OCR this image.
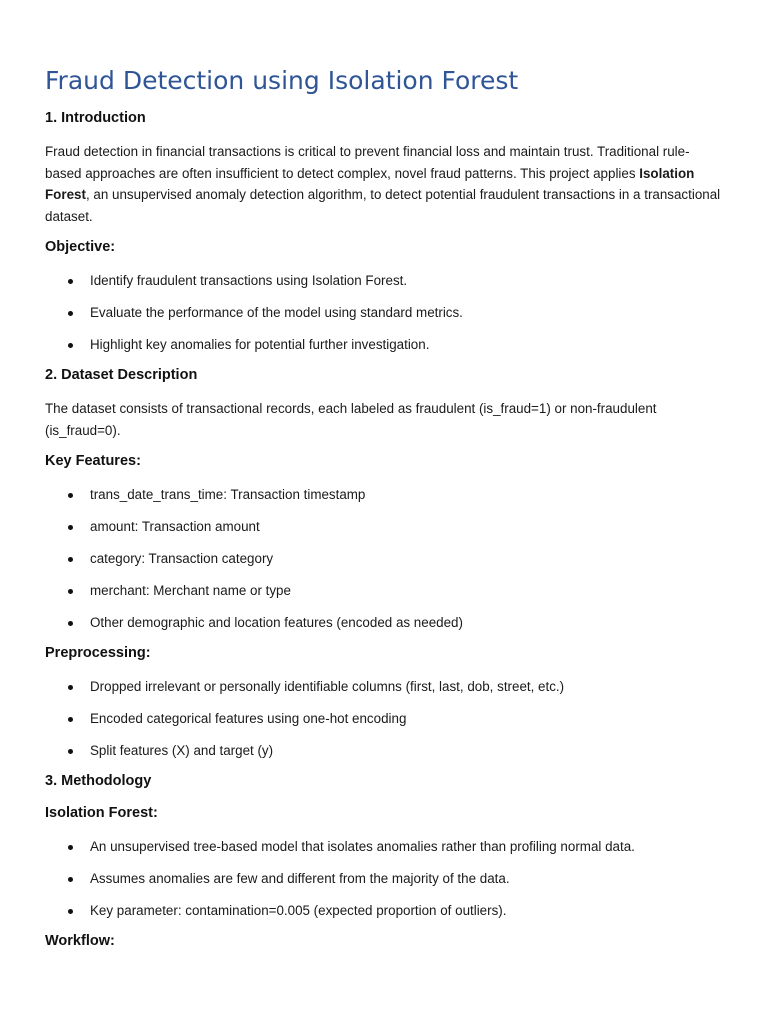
Fraud Detection using Isolation Forest
1. Introduction
Fraud detection in financial transactions is critical to prevent financial loss and maintain trust. Traditional rule-based approaches are often insufficient to detect complex, novel fraud patterns. This project applies Isolation Forest, an unsupervised anomaly detection algorithm, to detect potential fraudulent transactions in a transactional dataset.
Objective:
Identify fraudulent transactions using Isolation Forest.
Evaluate the performance of the model using standard metrics.
Highlight key anomalies for potential further investigation.
2. Dataset Description
The dataset consists of transactional records, each labeled as fraudulent (is_fraud=1) or non-fraudulent (is_fraud=0).
Key Features:
trans_date_trans_time: Transaction timestamp
amount: Transaction amount
category: Transaction category
merchant: Merchant name or type
Other demographic and location features (encoded as needed)
Preprocessing:
Dropped irrelevant or personally identifiable columns (first, last, dob, street, etc.)
Encoded categorical features using one-hot encoding
Split features (X) and target (y)
3. Methodology
Isolation Forest:
An unsupervised tree-based model that isolates anomalies rather than profiling normal data.
Assumes anomalies are few and different from the majority of the data.
Key parameter: contamination=0.005 (expected proportion of outliers).
Workflow:
